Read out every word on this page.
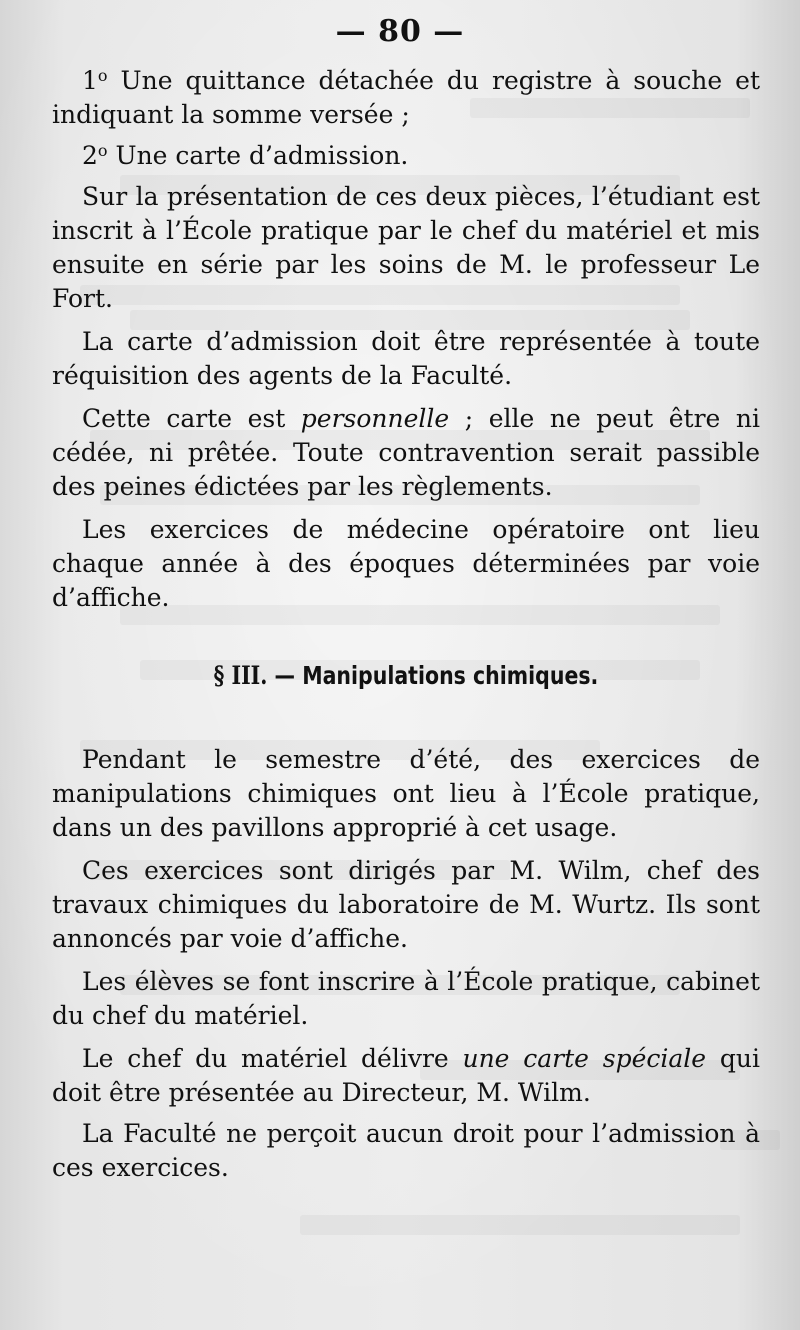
— 80 —

1$^o$ Une quittance détachée du registre à souche et indiquant la somme versée ;

2$^o$ Une carte d’admission.

Sur la présentation de ces deux pièces, l’étudiant est inscrit à l’École pratique par le chef du matériel et mis ensuite en série par les soins de M. le professeur Le Fort.

La carte d’admission doit être représentée à toute réquisition des agents de la Faculté.

Cette carte est personnelle ; elle ne peut être ni cédée, ni prêtée. Toute contravention serait passible des peines édictées par les règlements.

Les exercices de médecine opératoire ont lieu chaque année à des époques déterminées par voie d’affiche.

§ III. — Manipulations chimiques.

Pendant le semestre d’été, des exercices de manipulations chimiques ont lieu à l’École pratique, dans un des pavillons approprié à cet usage.

Ces exercices sont dirigés par M. Wilm, chef des travaux chimiques du laboratoire de M. Wurtz. Ils sont annoncés par voie d’affiche.

Les élèves se font inscrire à l’École pratique, cabinet du chef du matériel.

Le chef du matériel délivre une carte spéciale qui doit être présentée au Directeur, M. Wilm.

La Faculté ne perçoit aucun droit pour l’admission à ces exercices.
